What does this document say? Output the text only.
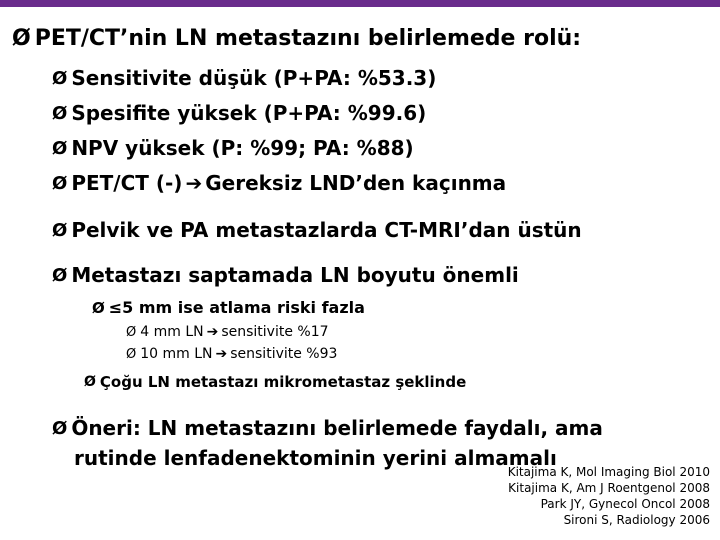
Ø PET/CT’nin LN metastazını belirlemede rolü:
Ø Sensitivite düşük (P+PA: %53.3)
Ø Spesifite yüksek (P+PA: %99.6)
Ø NPV yüksek (P: %99; PA: %88)
Ø PET/CT (-) ➔ Gereksiz LND’den kaçınma
Ø Pelvik ve PA metastazlarda CT-MRI’dan üstün
Ø Metastazı saptamada LN boyutu önemli
Ø ≤5 mm ise atlama riski fazla
Ø 4 mm LN ➔ sensitivite %17
Ø 10 mm LN ➔ sensitivite %93
Ø Çoğu LN metastazı mikrometastaz şeklinde
Ø Öneri: LN metastazını belirlemede faydalı, ama
rutinde lenfadenektominin yerini almamalı
Kitajima K, Mol Imaging Biol 2010
Kitajima K, Am J Roentgenol 2008
Park JY, Gynecol Oncol 2008
Sironi S, Radiology 2006
